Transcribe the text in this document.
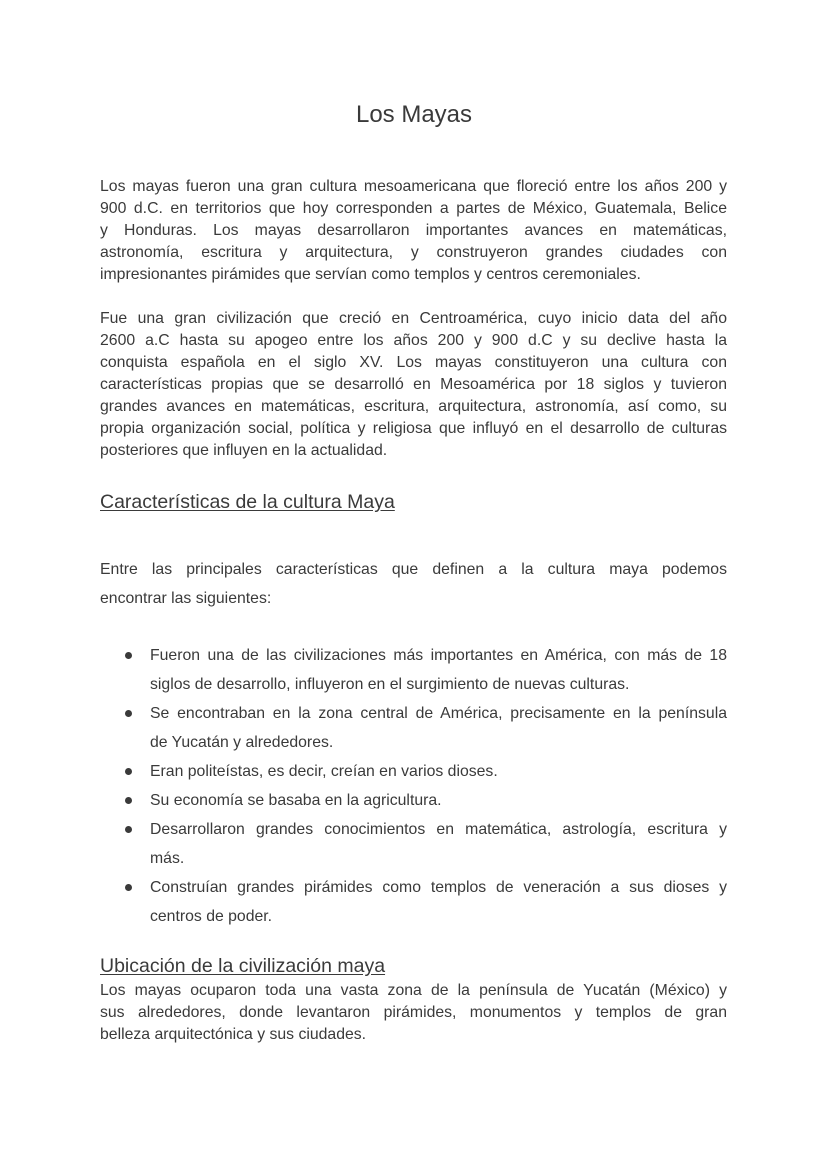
Los Mayas
Los mayas fueron una gran cultura mesoamericana que floreció entre los años 200 y
900 d.C. en territorios que hoy corresponden a partes de México, Guatemala, Belice
y Honduras. Los mayas desarrollaron importantes avances en matemáticas,
astronomía, escritura y arquitectura, y construyeron grandes ciudades con
impresionantes pirámides que servían como templos y centros ceremoniales.
Fue una gran civilización que creció en Centroamérica, cuyo inicio data del año
2600 a.C hasta su apogeo entre los años 200 y 900 d.C y su declive hasta la
conquista española en el siglo XV. Los mayas constituyeron una cultura con
características propias que se desarrolló en Mesoamérica por 18 siglos y tuvieron
grandes avances en matemáticas, escritura, arquitectura, astronomía, así como, su
propia organización social, política y religiosa que influyó en el desarrollo de culturas
posteriores que influyen en la actualidad.
Características de la cultura Maya
Entre las principales características que definen a la cultura maya podemos
encontrar las siguientes:
Fueron una de las civilizaciones más importantes en América, con más de 18
siglos de desarrollo, influyeron en el surgimiento de nuevas culturas.
Se encontraban en la zona central de América, precisamente en la península
de Yucatán y alrededores.
Eran politeístas, es decir, creían en varios dioses.
Su economía se basaba en la agricultura.
Desarrollaron grandes conocimientos en matemática, astrología, escritura y
más.
Construían grandes pirámides como templos de veneración a sus dioses y
centros de poder.
Ubicación de la civilización maya
Los mayas ocuparon toda una vasta zona de la península de Yucatán (México) y
sus alrededores, donde levantaron pirámides, monumentos y templos de gran
belleza arquitectónica y sus ciudades.
